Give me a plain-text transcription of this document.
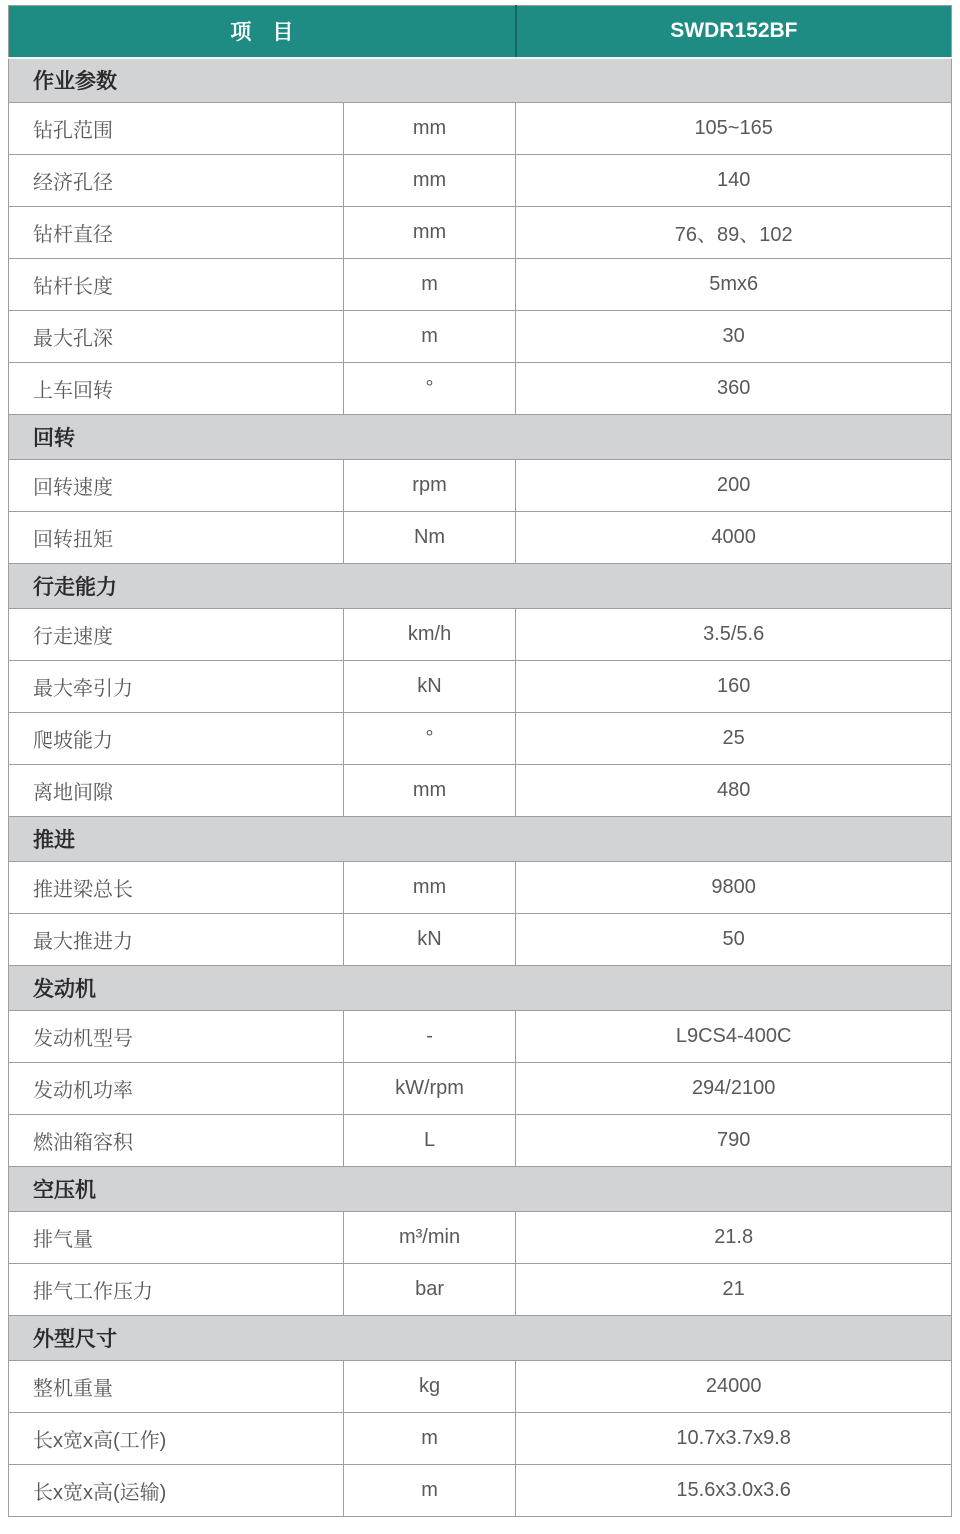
项　目		SWDR152BF
作业参数		
钻孔范围	mm	105~165
经济孔径	mm	140
钻杆直径	mm	76、89、102
钻杆长度	m	5mx6
最大孔深	m	30
上车回转	°	360
回转		
回转速度	rpm	200
回转扭矩	Nm	4000
行走能力		
行走速度	km/h	3.5/5.6
最大牵引力	kN	160
爬坡能力	°	25
离地间隙	mm	480
推进		
推进梁总长	mm	9800
最大推进力	kN	50
发动机		
发动机型号	-	L9CS4-400C
发动机功率	kW/rpm	294/2100
燃油箱容积	L	790
空压机		
排气量	m³/min	21.8
排气工作压力	bar	21
外型尺寸		
整机重量	kg	24000
长x宽x高(工作)	m	10.7x3.7x9.8
长x宽x高(运输)	m	15.6x3.0x3.6
